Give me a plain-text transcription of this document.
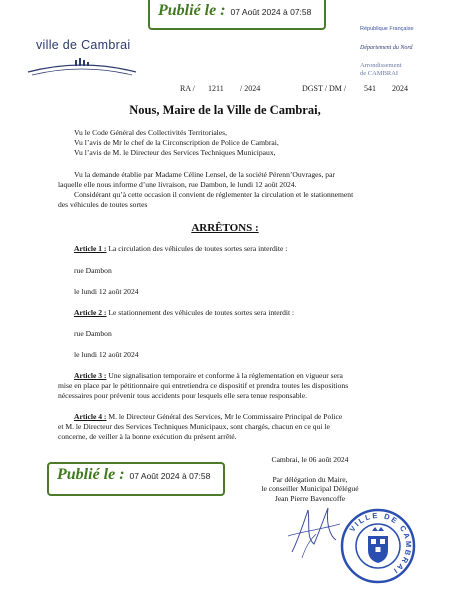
Publié le : 07 Août 2024 à 07:58
ville de Cambrai
République Française
Département du Nord
Arrondissement
de CAMBRAI
RA / 1211 / 2024	DGST / DM / 541 2024
Nous, Maire de la Ville de Cambrai,
Vu le Code Général des Collectivités Territoriales,
Vu l’avis de Mr le chef de la Circonscription de Police de Cambrai,
Vu l’avis de M. le Directeur des Services Techniques Municipaux,
Vu la demande établie par Madame Céline Lensel, de la société Pérenn’Ouvrages, par
laquelle elle nous informe d’une livraison, rue Dambon, le lundi 12 août 2024.
Considérant qu’à cette occasion il convient de réglementer la circulation et le stationnement
des véhicules de toutes sortes
ARRÊTONS :
Article 1 : La circulation des véhicules de toutes sortes sera interdite :
rue Dambon
le lundi 12 août 2024
Article 2 : Le stationnement des véhicules de toutes sortes sera interdit :
rue Dambon
le lundi 12 août 2024
Article 3 : Une signalisation temporaire et conforme à la réglementation en vigueur sera
mise en place par le pétitionnaire qui entretiendra ce dispositif et prendra toutes les dispositions
nécessaires pour prévenir tous accidents pour lesquels elle sera tenue responsable.
Article 4 : M. le Directeur Général des Services, Mr le Commissaire Principal de Police
et M. le Directeur des Services Techniques Municipaux, sont chargés, chacun en ce qui le
concerne, de veiller à la bonne exécution du présent arrêté.
Publié le : 07 Août 2024 à 07:58
Cambrai, le 06 août 2024
Par délégation du Maire,
le conseiller Municipal Délégué
Jean Pierre Bavencoffe
VILLE DE CAMBRAI
